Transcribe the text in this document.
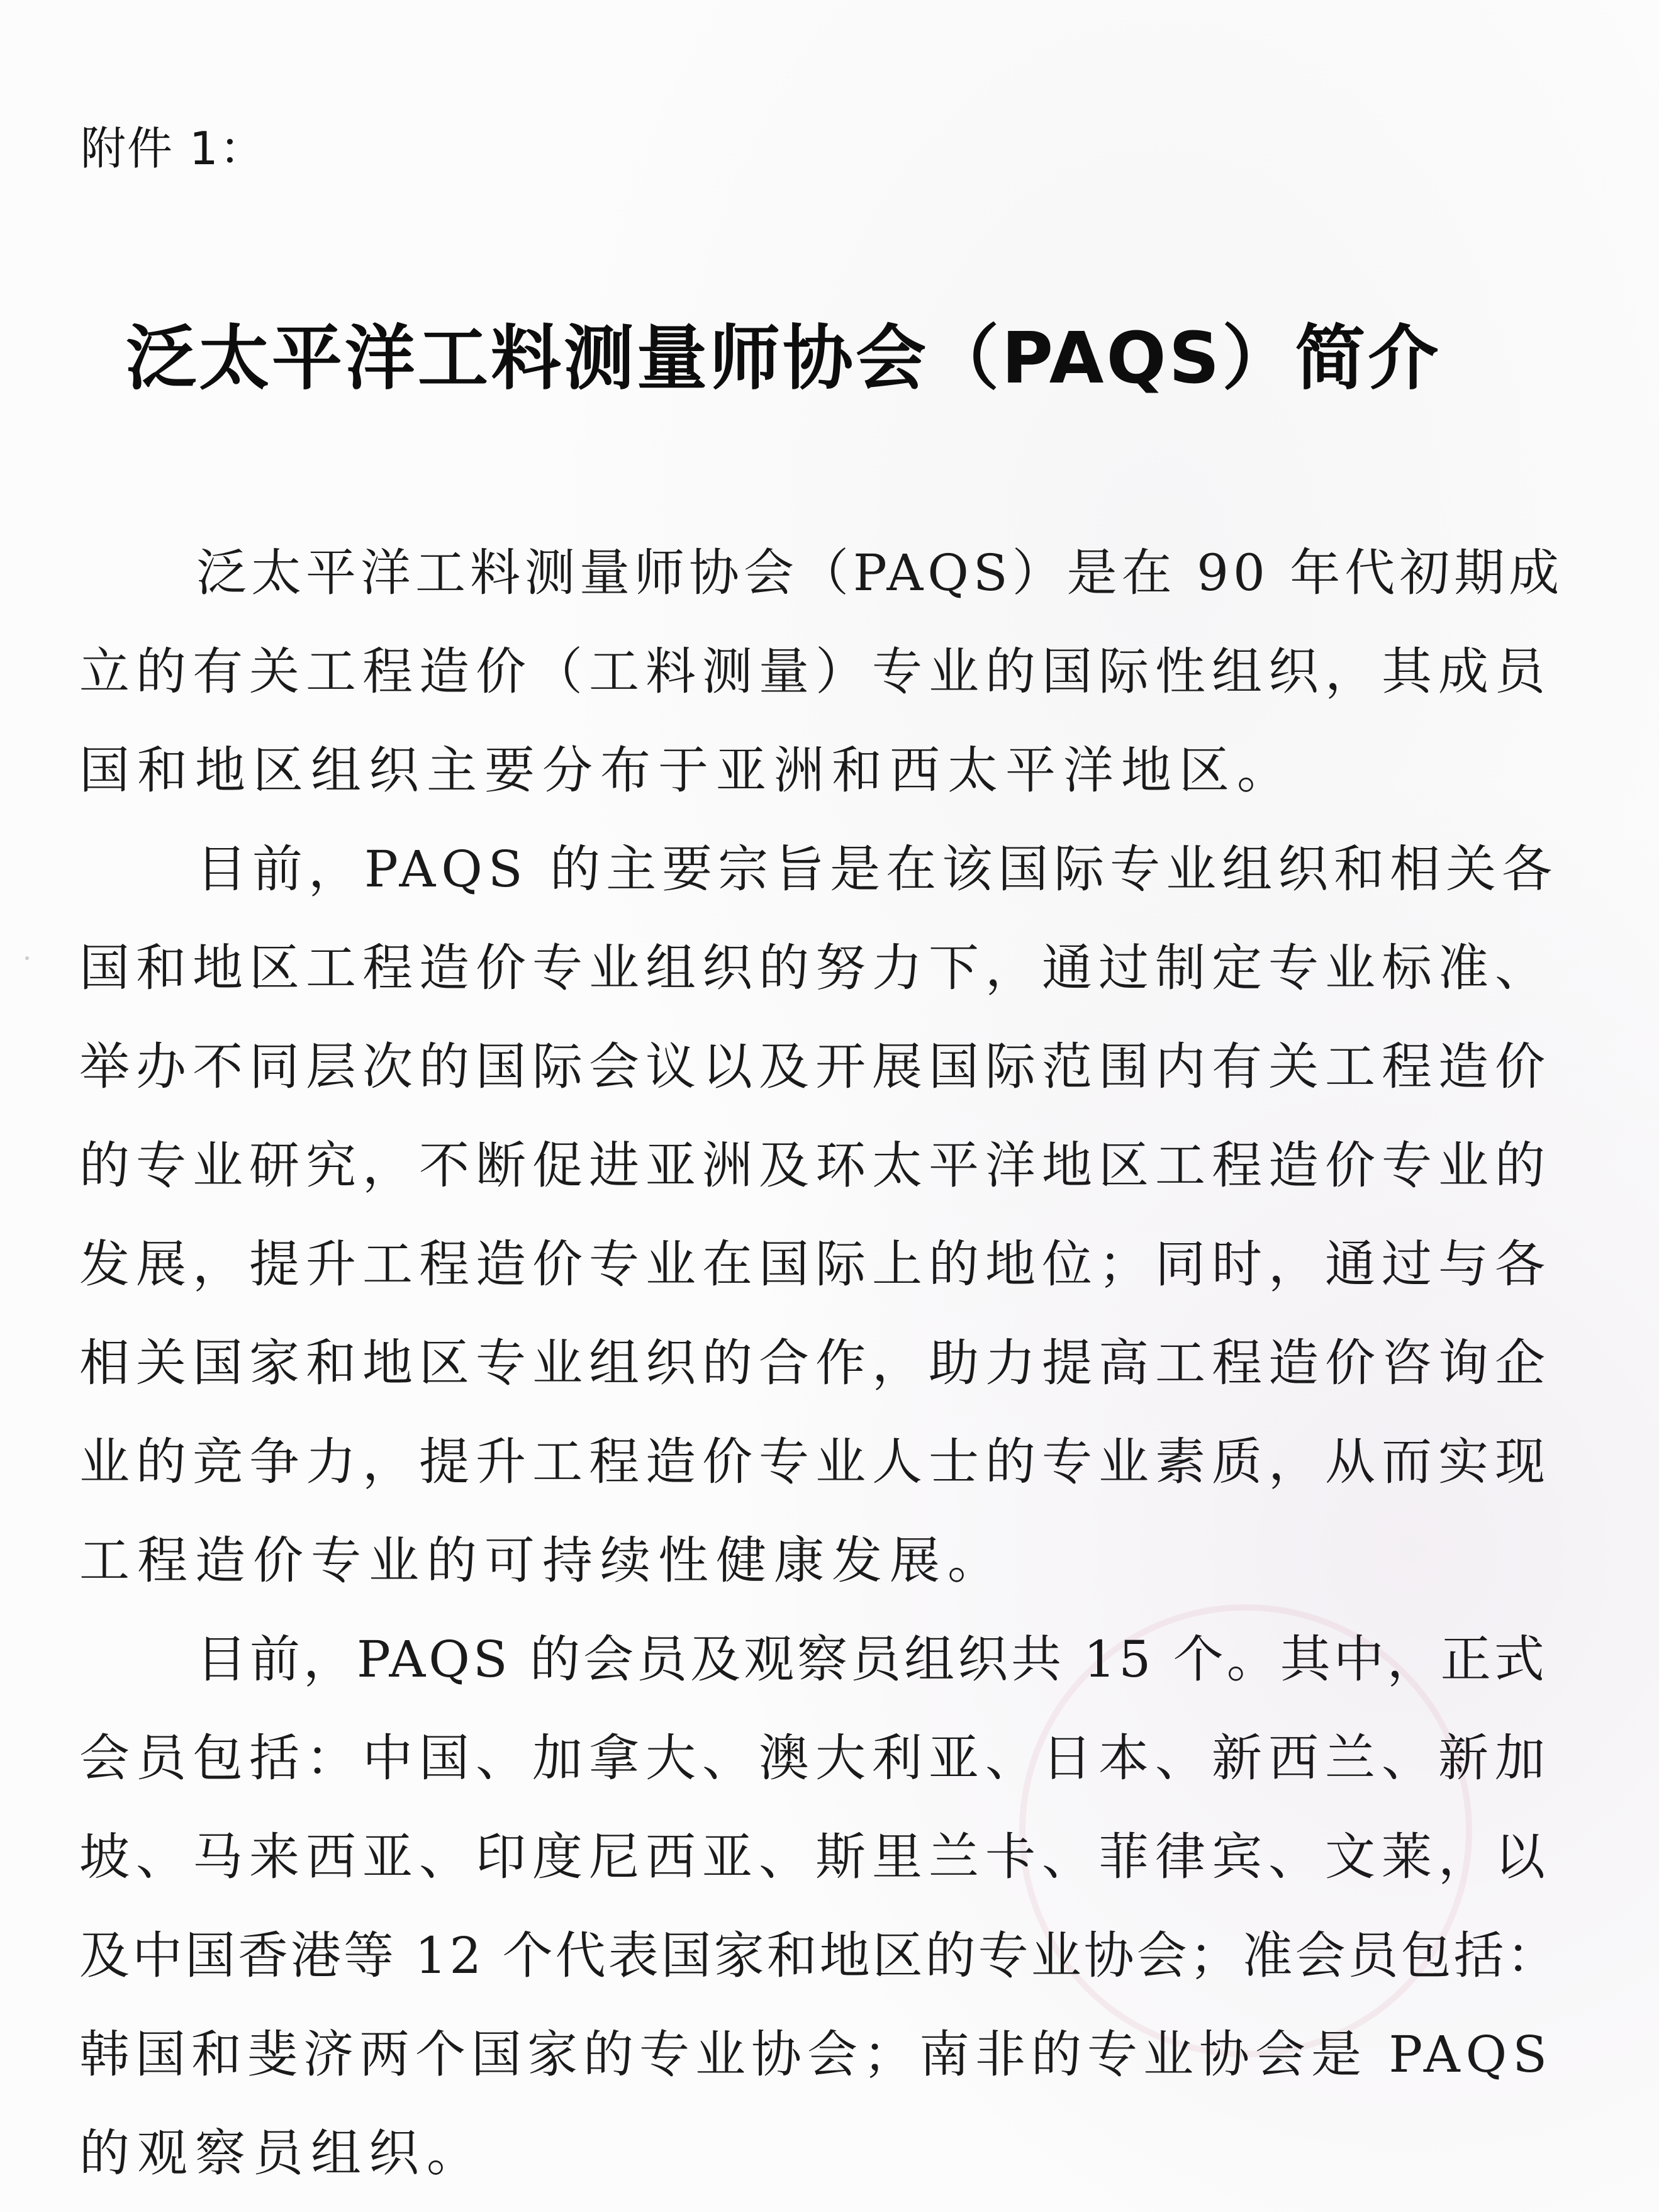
附件 1：
泛太平洋工料测量师协会（PAQS）简介
泛太平洋工料测量师协会（PAQS）是在 90 年代初期成
立的有关工程造价（工料测量）专业的国际性组织，其成员
国和地区组织主要分布于亚洲和西太平洋地区。
目前，PAQS 的主要宗旨是在该国际专业组织和相关各
国和地区工程造价专业组织的努力下，通过制定专业标准、
举办不同层次的国际会议以及开展国际范围内有关工程造价
的专业研究，不断促进亚洲及环太平洋地区工程造价专业的
发展，提升工程造价专业在国际上的地位；同时，通过与各
相关国家和地区专业组织的合作，助力提高工程造价咨询企
业的竞争力，提升工程造价专业人士的专业素质，从而实现
工程造价专业的可持续性健康发展。
目前，PAQS 的会员及观察员组织共 15 个。其中，正式
会员包括：中国、加拿大、澳大利亚、日本、新西兰、新加
坡、马来西亚、印度尼西亚、斯里兰卡、菲律宾、文莱，以
及中国香港等 12 个代表国家和地区的专业协会；准会员包括：
韩国和斐济两个国家的专业协会；南非的专业协会是 PAQS
的观察员组织。
